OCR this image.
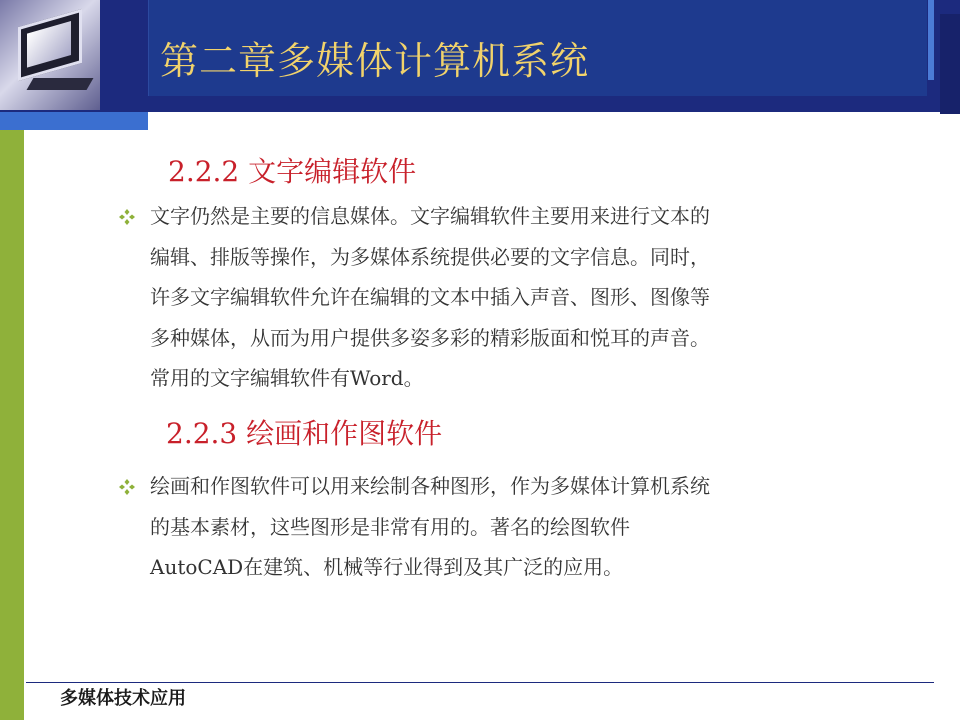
第二章多媒体计算机系统
2.2.2 文字编辑软件
文字仍然是主要的信息媒体。文字编辑软件主要用来进行文本的
编辑、排版等操作，为多媒体系统提供必要的文字信息。同时，
许多文字编辑软件允许在编辑的文本中插入声音、图形、图像等
多种媒体，从而为用户提供多姿多彩的精彩版面和悦耳的声音。
常用的文字编辑软件有Word。
2.2.3 绘画和作图软件
绘画和作图软件可以用来绘制各种图形，作为多媒体计算机系统
的基本素材，这些图形是非常有用的。著名的绘图软件
AutoCAD在建筑、机械等行业得到及其广泛的应用。
多媒体技术应用
